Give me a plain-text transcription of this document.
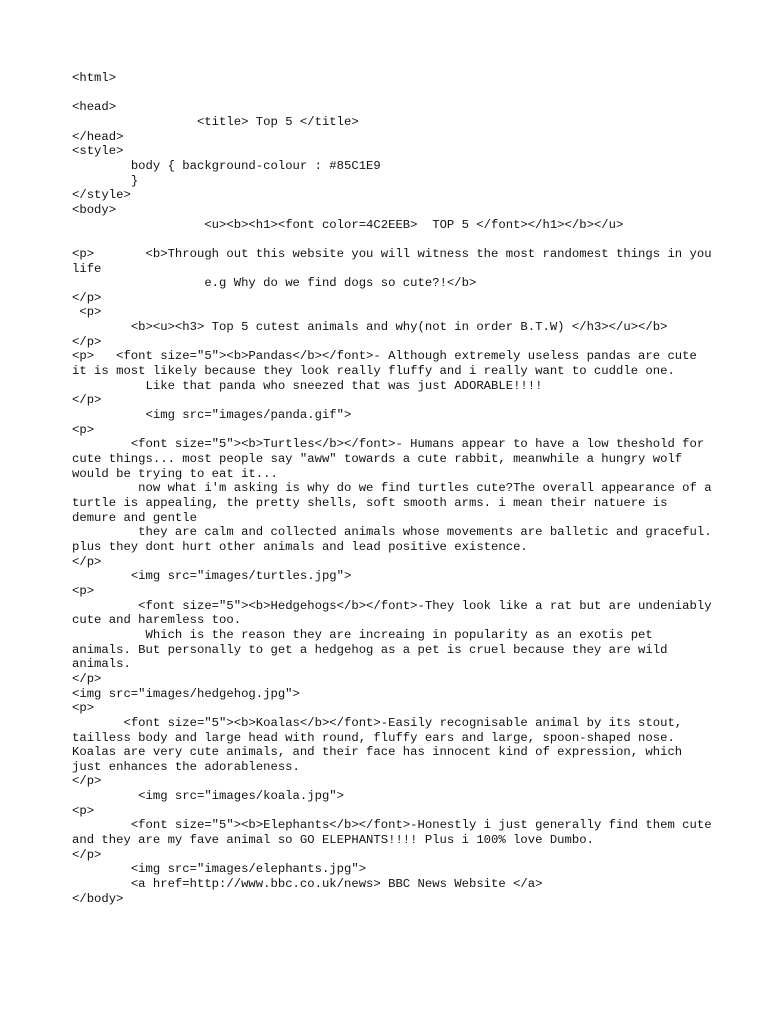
<html>
<head>
<title> Top 5 </title>
</head>
<style>
body { background-colour : #85C1E9
}
</style>
<body>
<u><b><h1><font color=4C2EEB>  TOP 5 </font></h1></b></u>
<p>       <b>Through out this website you will witness the most randomest things in you life
e.g Why do we find dogs so cute?!</b>
</p>
<p>
<b><u><h3> Top 5 cutest animals and why(not in order B.T.W) </h3></u></b>
</p>
<p>   <font size="5"><b>Pandas</b></font>- Although extremely useless pandas are cute it is most likely because they look really fluffy and i really want to cuddle one.
Like that panda who sneezed that was just ADORABLE!!!!
</p>
<img src="images/panda.gif">
<p>
<font size="5"><b>Turtles</b></font>- Humans appear to have a low theshold for cute things... most people say "aww" towards a cute rabbit, meanwhile a hungry wolf would be trying to eat it...
now what i'm asking is why do we find turtles cute?The overall appearance of a turtle is appealing, the pretty shells, soft smooth arms. i mean their natuere is demure and gentle
they are calm and collected animals whose movements are balletic and graceful. plus they dont hurt other animals and lead positive existence.
</p>
<img src="images/turtles.jpg">
<p>
<font size="5"><b>Hedgehogs</b></font>-They look like a rat but are undeniably cute and haremless too.
Which is the reason they are increaing in popularity as an exotis pet animals. But personally to get a hedgehog as a pet is cruel because they are wild animals.
</p>
<img src="images/hedgehog.jpg">
<p>
<font size="5"><b>Koalas</b></font>-Easily recognisable animal by its stout, tailless body and large head with round, fluffy ears and large, spoon-shaped nose. Koalas are very cute animals, and their face has innocent kind of expression, which just enhances the adorableness.
</p>
<img src="images/koala.jpg">
<p>
<font size="5"><b>Elephants</b></font>-Honestly i just generally find them cute and they are my fave animal so GO ELEPHANTS!!!! Plus i 100% love Dumbo.
</p>
<img src="images/elephants.jpg">
<a href=http://www.bbc.co.uk/news> BBC News Website </a>
</body>
